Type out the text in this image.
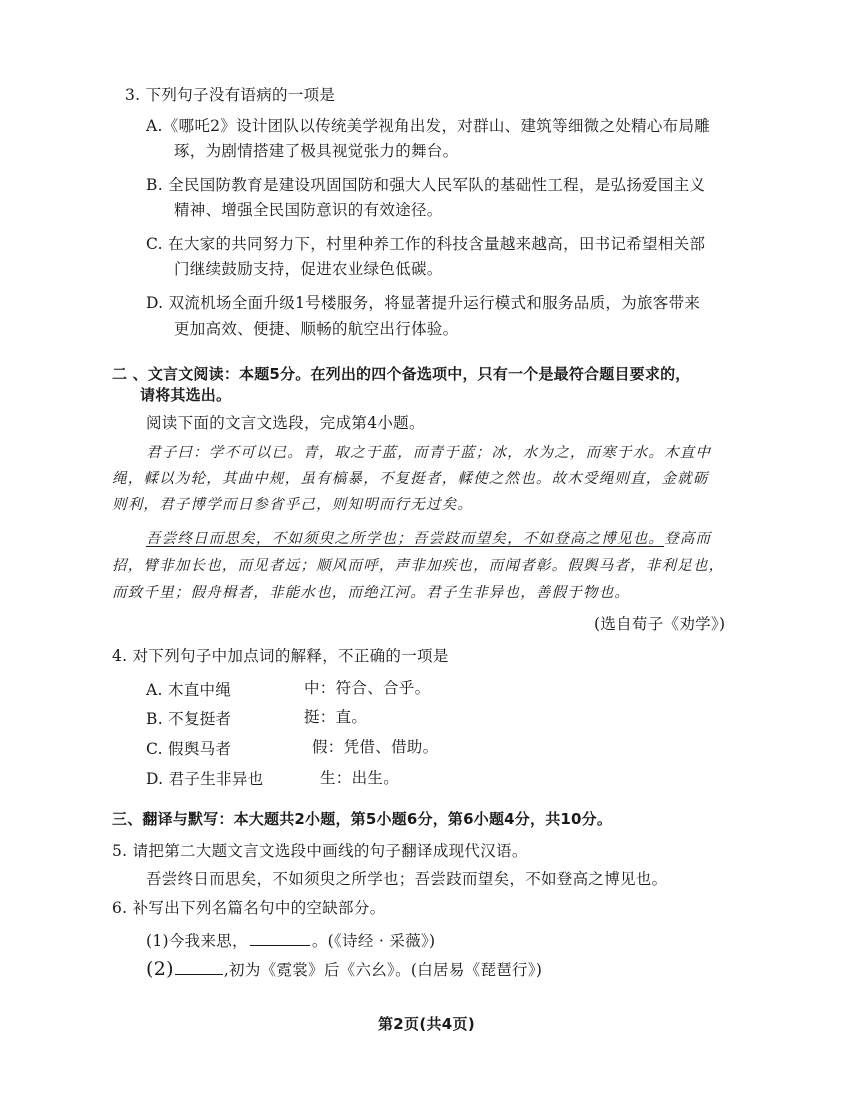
3. 下列句子没有语病的一项是
A.《哪吒2》设计团队以传统美学视角出发，对群山、建筑等细微之处精心布局雕
琢，为剧情搭建了极具视觉张力的舞台。
B. 全民国防教育是建设巩固国防和强大人民军队的基础性工程，是弘扬爱国主义
精神、增强全民国防意识的有效途径。
C. 在大家的共同努力下，村里种养工作的科技含量越来越高，田书记希望相关部
门继续鼓励支持，促进农业绿色低碳。
D. 双流机场全面升级1号楼服务，将显著提升运行模式和服务品质，为旅客带来
更加高效、便捷、顺畅的航空出行体验。
二 、文言文阅读：本题5分。在列出的四个备选项中，只有一个是最符合题目要求的，
请将其选出。
阅读下面的文言文选段，完成第4小题。
君子曰：学不可以已。青，取之于蓝，而青于蓝；冰，水为之，而寒于水。木直中
绳，輮以为轮，其曲中规，虽有槁暴，不复挺者，輮使之然也。故木受绳则直，金就砺
则利，君子博学而日参省乎己，则知明而行无过矣。
吾尝终日而思矣，不如须臾之所学也；吾尝跂而望矣，不如登高之博见也。登高而
招，臂非加长也，而见者远；顺风而呼，声非加疾也，而闻者彰。假舆马者，非利足也，
而致千里；假舟楫者，非能水也，而绝江河。君子生非异也，善假于物也。
(选自荀子《劝学》)
4. 对下列句子中加点词的解释，不正确的一项是
A. 木直中绳	中：符合、合乎。
B. 不复挺者	挺：直。
C. 假舆马者	假：凭借、借助。
D. 君子生非异也	生：出生。
三、翻译与默写：本大题共2小题，第5小题6分，第6小题4分，共10分。
5. 请把第二大题文言文选段中画线的句子翻译成现代汉语。
吾尝终日而思矣，不如须臾之所学也；吾尝跂而望矣，不如登高之博见也。
6. 补写出下列名篇名句中的空缺部分。
(1)今我来思，	。(《诗经 · 采薇》)
(2)	,初为《霓裳》后《六幺》。(白居易《琵琶行》)
第2页(共4页)
